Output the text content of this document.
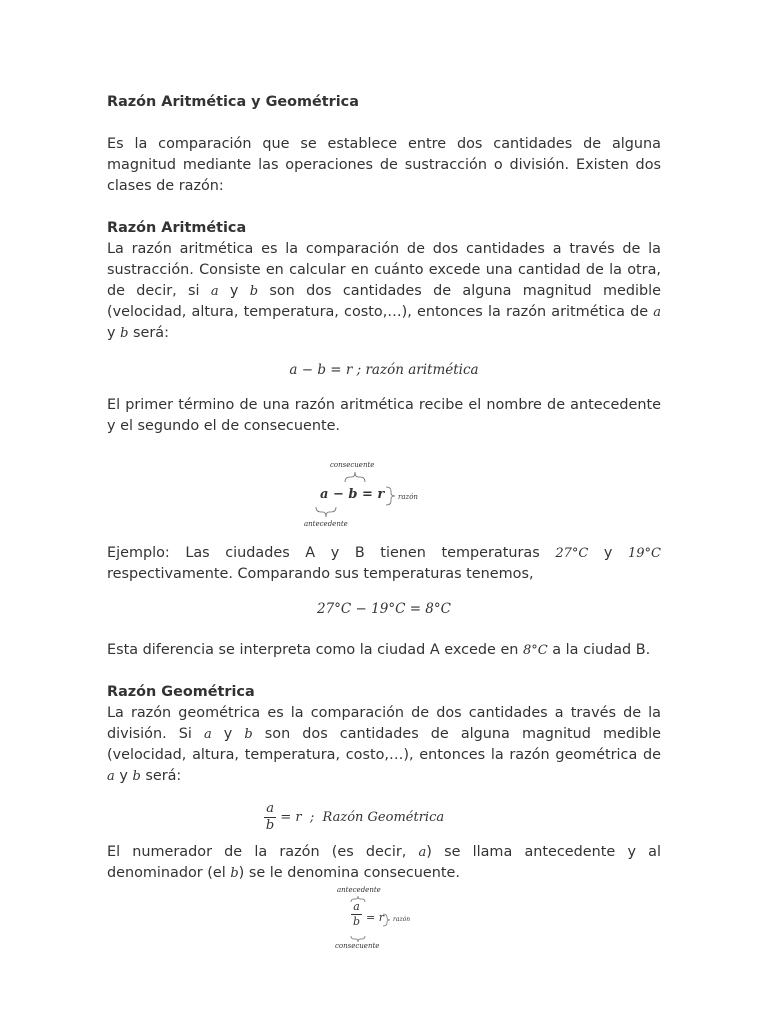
Razón Aritmética y Geométrica

Es la comparación que se establece entre dos cantidades de alguna magnitud mediante las operaciones de sustracción o división. Existen dos clases de razón:

Razón Aritmética

La razón aritmética es la comparación de dos cantidades a través de la sustracción. Consiste en calcular en cuánto excede una cantidad de la otra, de decir, si a y b son dos cantidades de alguna magnitud medible (velocidad, altura, temperatura, costo,…), entonces la razón aritmética de a y b será:

a − b = r ; razón aritmética

El primer término de una razón aritmética recibe el nombre de antecedente y el segundo el de consecuente.

consecuente
a − b = r razón
antecedente

Ejemplo: Las ciudades A y B tienen temperaturas 27°C y 19°C respectivamente. Comparando sus temperaturas tenemos,

27°C − 19°C = 8°C

Esta diferencia se interpreta como la ciudad A excede en 8°C a la ciudad B.

Razón Geométrica

La razón geométrica es la comparación de dos cantidades a través de la división. Si a y b son dos cantidades de alguna magnitud medible (velocidad, altura, temperatura, costo,…), entonces la razón geométrica de a y b será:

$\frac{a}{b} = r$  ;  Razón Geométrica

El numerador de la razón (es decir, a) se llama antecedente y al denominador (el b) se le denomina consecuente.

antecedente
$\frac{a}{b} = r$ razón
consecuente
